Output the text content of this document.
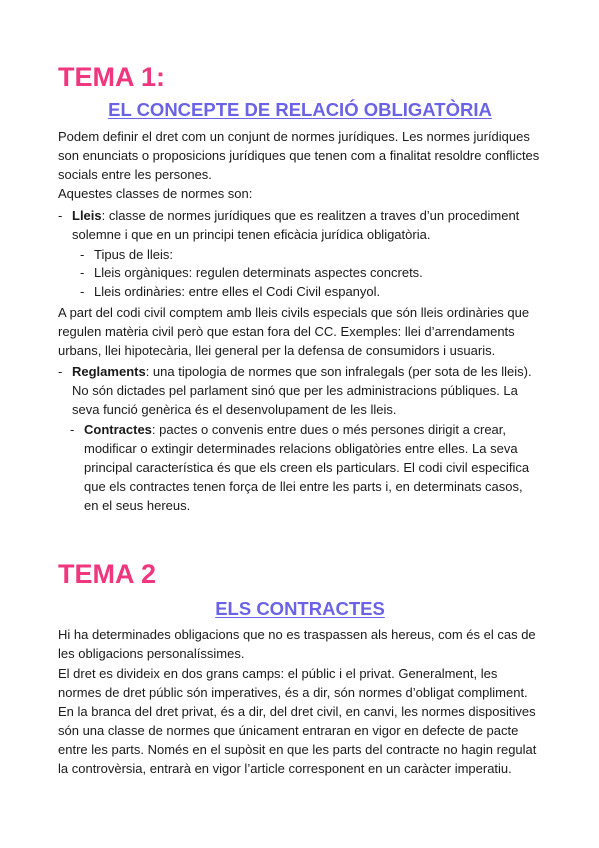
TEMA 1:
EL CONCEPTE DE RELACIÓ OBLIGATÒRIA

Podem definir el dret com un conjunt de normes jurídiques. Les normes jurídiques

son enunciats o proposicions jurídiques que tenen com a finalitat resoldre conflictes

socials entre les persones.

Aquestes classes de normes son:

- Lleis: classe de normes jurídiques que es realitzen a traves d’un procediment

solemne i que en un principi tenen eficàcia jurídica obligatòria.

- Tipus de lleis:

- Lleis orgàniques: regulen determinats aspectes concrets.

- Lleis ordinàries: entre elles el Codi Civil espanyol.

A part del codi civil comptem amb lleis civils especials que són lleis ordinàries que

regulen matèria civil però que estan fora del CC. Exemples: llei d’arrendaments

urbans, llei hipotecària, llei general per la defensa de consumidors i usuaris.

- Reglaments: una tipologia de normes que son infralegals (per sota de les lleis).

No són dictades pel parlament sinó que per les administracions públiques. La

seva funció genèrica és el desenvolupament de les lleis.

- Contractes: pactes o convenis entre dues o més persones dirigit a crear,

modificar o extingir determinades relacions obligatòries entre elles. La seva

principal característica és que els creen els particulars. El codi civil especifica

que els contractes tenen força de llei entre les parts i, en determinats casos,

en el seus hereus.

TEMA 2
ELS CONTRACTES

Hi ha determinades obligacions que no es traspassen als hereus, com és el cas de

les obligacions personalíssimes.

El dret es divideix en dos grans camps: el públic i el privat. Generalment, les

normes de dret públic són imperatives, és a dir, són normes d’obligat compliment.

En la branca del dret privat, és a dir, del dret civil, en canvi, les normes dispositives

són una classe de normes que únicament entraran en vigor en defecte de pacte

entre les parts. Només en el supòsit en que les parts del contracte no hagin regulat

la controvèrsia, entrarà en vigor l’article corresponent en un caràcter imperatiu.
